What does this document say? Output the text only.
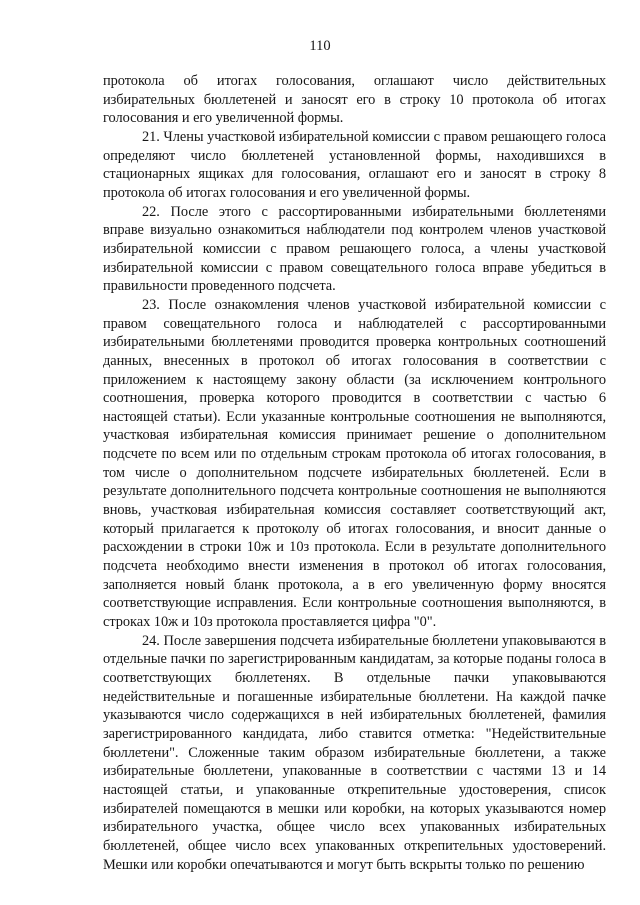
110

протокола об итогах голосования, оглашают число действительных избирательных бюллетеней и заносят его в строку 10 протокола об итогах голосования и его увеличенной формы.

21. Члены участковой избирательной комиссии с правом решающего голоса определяют число бюллетеней установленной формы, находившихся в стационарных ящиках для голосования, оглашают его и заносят в строку 8 протокола об итогах голосования и его увеличенной формы.

22. После этого с рассортированными избирательными бюллетенями вправе визуально ознакомиться наблюдатели под контролем членов участковой избирательной комиссии с правом решающего голоса, а члены участковой избирательной комиссии с правом совещательного голоса вправе убедиться в правильности проведенного подсчета.

23. После ознакомления членов участковой избирательной комиссии с правом совещательного голоса и наблюдателей с рассортированными избирательными бюллетенями проводится проверка контрольных соотношений данных, внесенных в протокол об итогах голосования в соответствии с приложением к настоящему закону области (за исключением контрольного соотношения, проверка которого проводится в соответствии с частью 6 настоящей статьи). Если указанные контрольные соотношения не выполняются, участковая избирательная комиссия принимает решение о дополнительном подсчете по всем или по отдельным строкам протокола об итогах голосования, в том числе о дополнительном подсчете избирательных бюллетеней. Если в результате дополнительного подсчета контрольные соотношения не выполняются вновь, участковая избирательная комиссия составляет соответствующий акт, который прилагается к протоколу об итогах голосования, и вносит данные о расхождении в строки 10ж и 10з протокола. Если в результате дополнительного подсчета необходимо внести изменения в протокол об итогах голосования, заполняется новый бланк протокола, а в его увеличенную форму вносятся соответствующие исправления. Если контрольные соотношения выполняются, в строках 10ж и 10з протокола проставляется цифра "0".

24. После завершения подсчета избирательные бюллетени упаковываются в отдельные пачки по зарегистрированным кандидатам, за которые поданы голоса в соответствующих бюллетенях. В отдельные пачки упаковываются недействительные и погашенные избирательные бюллетени. На каждой пачке указываются число содержащихся в ней избирательных бюллетеней, фамилия зарегистрированного кандидата, либо ставится отметка: "Недействительные бюллетени". Сложенные таким образом избирательные бюллетени, а также избирательные бюллетени, упакованные в соответствии с частями 13 и 14 настоящей статьи, и упакованные открепительные удостоверения, список избирателей помещаются в мешки или коробки, на которых указываются номер избирательного участка, общее число всех упакованных избирательных бюллетеней, общее число всех упакованных открепительных удостоверений. Мешки или коробки опечатываются и могут быть вскрыты только по решению
